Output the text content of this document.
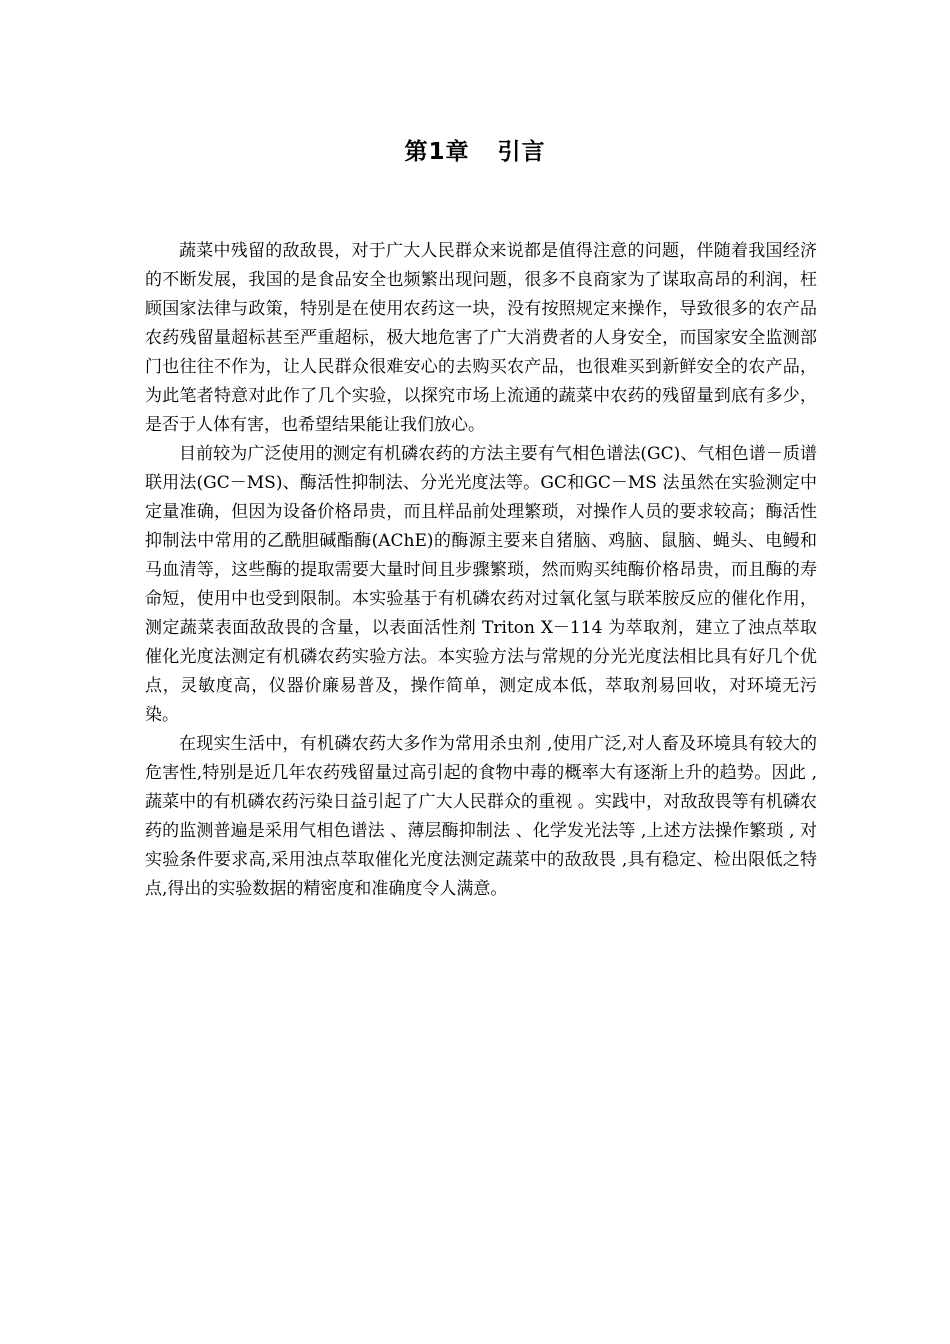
第1章 引言

蔬菜中残留的敌敌畏，对于广大人民群众来说都是值得注意的问题，伴随着我国经济的不断发展，我国的是食品安全也频繁出现问题，很多不良商家为了谋取高昂的利润，枉顾国家法律与政策，特别是在使用农药这一块，没有按照规定来操作，导致很多的农产品农药残留量超标甚至严重超标，极大地危害了广大消费者的人身安全，而国家安全监测部门也往往不作为，让人民群众很难安心的去购买农产品，也很难买到新鲜安全的农产品，为此笔者特意对此作了几个实验，以探究市场上流通的蔬菜中农药的残留量到底有多少，是否于人体有害，也希望结果能让我们放心。

目前较为广泛使用的测定有机磷农药的方法主要有气相色谱法(GC)、气相色谱－质谱联用法(GC－MS)、酶活性抑制法、分光光度法等。GC和GC－MS 法虽然在实验测定中定量准确，但因为设备价格昂贵，而且样品前处理繁琐，对操作人员的要求较高；酶活性抑制法中常用的乙酰胆碱酯酶(AChE)的酶源主要来自猪脑、鸡脑、鼠脑、蝇头、电鳗和马血清等，这些酶的提取需要大量时间且步骤繁琐，然而购买纯酶价格昂贵，而且酶的寿命短，使用中也受到限制。本实验基于有机磷农药对过氧化氢与联苯胺反应的催化作用，测定蔬菜表面敌敌畏的含量，以表面活性剂 Triton X－114 为萃取剂，建立了浊点萃取催化光度法测定有机磷农药实验方法。本实验方法与常规的分光光度法相比具有好几个优点，灵敏度高，仪器价廉易普及，操作简单，测定成本低，萃取剂易回收，对环境无污染。

在现实生活中，有机磷农药大多作为常用杀虫剂 ,使用广泛,对人畜及环境具有较大的危害性,特别是近几年农药残留量过高引起的食物中毒的概率大有逐渐上升的趋势。因此 ,蔬菜中的有机磷农药污染日益引起了广大人民群众的重视 。实践中，对敌敌畏等有机磷农药的监测普遍是采用气相色谱法 、薄层酶抑制法 、化学发光法等 ,上述方法操作繁琐 , 对实验条件要求高,采用浊点萃取催化光度法测定蔬菜中的敌敌畏 ,具有稳定、检出限低之特点,得出的实验数据的精密度和准确度令人满意。
